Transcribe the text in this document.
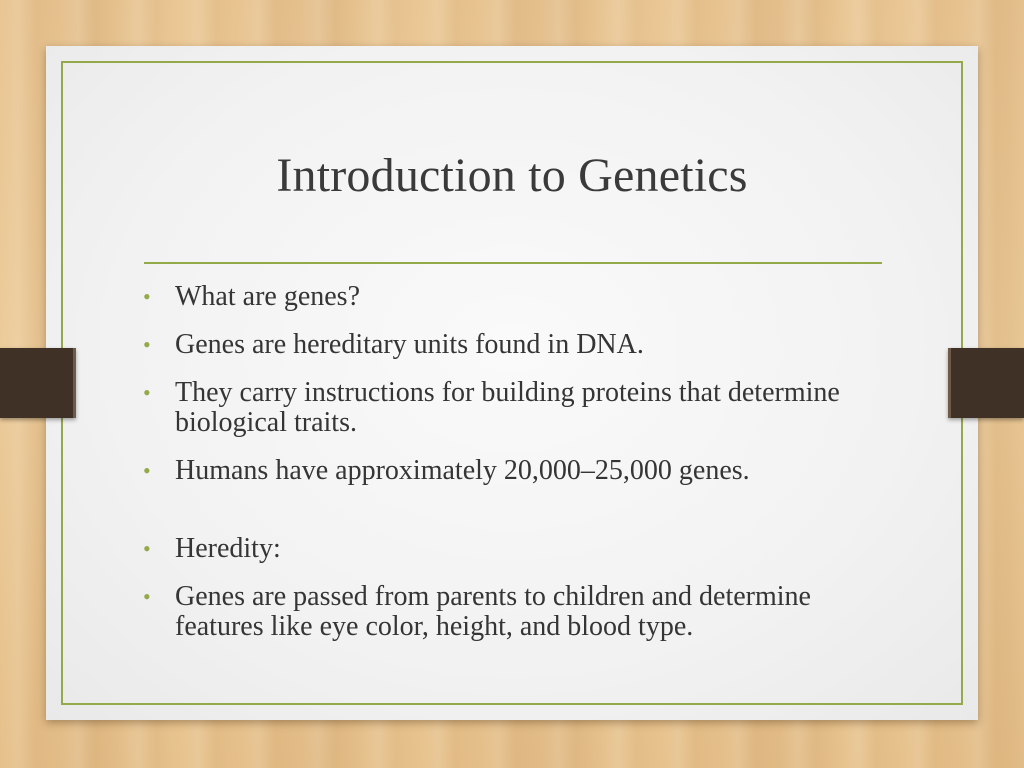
Introduction to Genetics
• What are genes?
• Genes are hereditary units found in DNA.
• They carry instructions for building proteins that determine biological traits.
• Humans have approximately 20,000–25,000 genes.
• Heredity:
• Genes are passed from parents to children and determine features like eye color, height, and blood type.
